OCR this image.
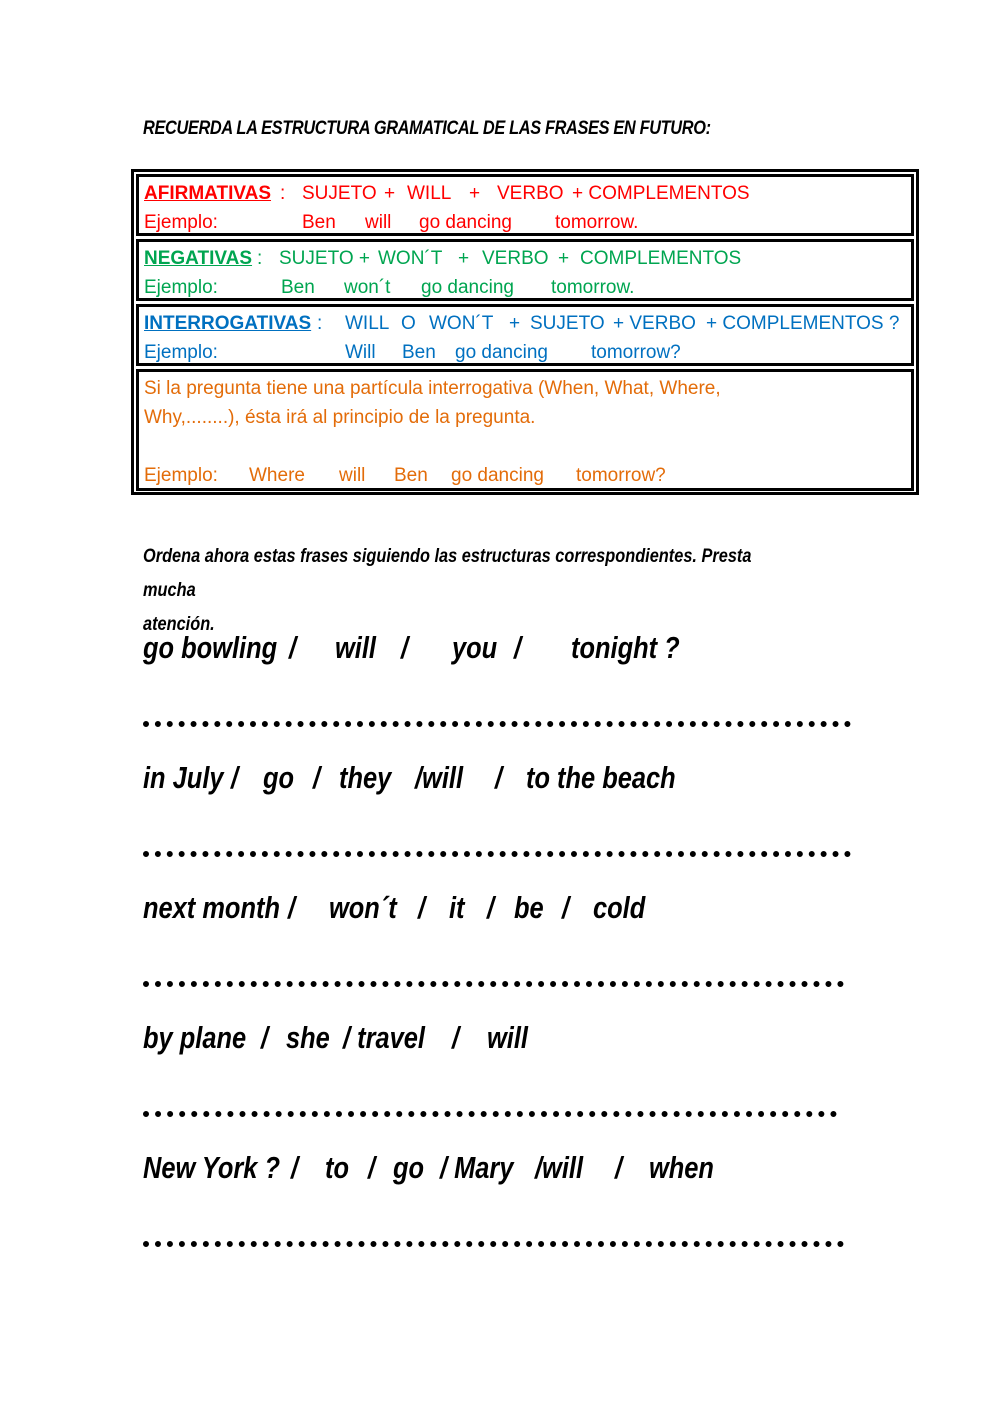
RECUERDA LA ESTRUCTURA GRAMATICAL DE LAS FRASES EN FUTURO:
AFIRMATIVAS : SUJETO + WILL + VERBO + COMPLEMENTOS
Ejemplo:	Ben will go dancing tomorrow.
NEGATIVAS : SUJETO + WON´T + VERBO + COMPLEMENTOS
Ejemplo:	Ben won´t go dancing tomorrow.
INTERROGATIVAS : WILL O WON´T + SUJETO + VERBO + COMPLEMENTOS ?
Ejemplo:	Will Ben go dancing tomorrow?
Si la pregunta tiene una partícula interrogativa (When, What, Where,
Why,........), ésta irá al principio de la pregunta.
Ejemplo: Where will Ben go dancing tomorrow?
Ordena ahora estas frases siguiendo las estructuras correspondientes. Presta mucha
atención.
go bowling / will / you / tonight ?
in July / go / they /will / to the beach
next month / won´t / it / be / cold
by plane / she / travel / will
New York ? / to / go / Mary /will / when
